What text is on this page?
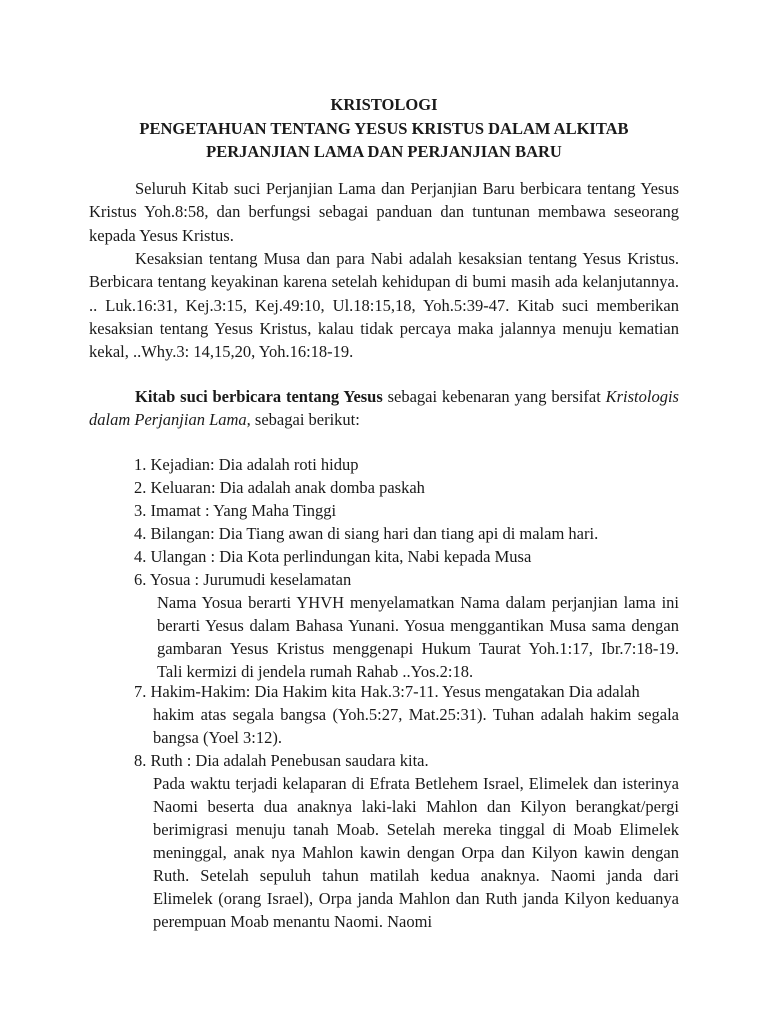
KRISTOLOGI
PENGETAHUAN TENTANG YESUS KRISTUS DALAM ALKITAB
PERJANJIAN LAMA DAN PERJANJIAN BARU

Seluruh Kitab suci Perjanjian Lama dan Perjanjian Baru berbicara tentang Yesus Kristus Yoh.8:58, dan berfungsi sebagai panduan dan tuntunan membawa seseorang kepada Yesus Kristus.

Kesaksian tentang Musa dan para Nabi adalah kesaksian tentang Yesus Kristus. Berbicara tentang keyakinan karena setelah kehidupan di bumi masih ada kelanjutannya. .. Luk.16:31, Kej.3:15, Kej.49:10, Ul.18:15,18, Yoh.5:39-47. Kitab suci memberikan kesaksian tentang Yesus Kristus, kalau tidak percaya maka jalannya menuju kematian kekal, ..Why.3: 14,15,20, Yoh.16:18-19.

Kitab suci berbicara tentang Yesus sebagai kebenaran yang bersifat Kristologis dalam Perjanjian Lama, sebagai berikut:

1. Kejadian: Dia adalah roti hidup
2. Keluaran: Dia adalah anak domba paskah
3. Imamat : Yang Maha Tinggi
4. Bilangan: Dia Tiang awan di siang hari dan tiang api di malam hari.
4. Ulangan : Dia Kota perlindungan kita, Nabi kepada Musa
6. Yosua : Jurumudi keselamatan

Nama Yosua berarti YHVH menyelamatkan Nama dalam perjanjian lama ini berarti Yesus dalam Bahasa Yunani. Yosua menggantikan Musa sama dengan gambaran Yesus Kristus menggenapi Hukum Taurat Yoh.1:17, Ibr.7:18-19. Tali kermizi di jendela rumah Rahab ..Yos.2:18.

7. Hakim-Hakim: Dia Hakim kita Hak.3:7-11. Yesus mengatakan Dia adalah

hakim atas segala bangsa (Yoh.5:27, Mat.25:31). Tuhan adalah hakim segala bangsa (Yoel 3:12).

8. Ruth : Dia adalah Penebusan saudara kita.

Pada waktu terjadi kelaparan di Efrata Betlehem Israel, Elimelek dan isterinya Naomi beserta dua anaknya laki-laki Mahlon dan Kilyon berangkat/pergi berimigrasi menuju tanah Moab. Setelah mereka tinggal di Moab Elimelek meninggal, anak nya Mahlon kawin dengan Orpa dan Kilyon kawin dengan Ruth. Setelah sepuluh tahun matilah kedua anaknya. Naomi janda dari Elimelek (orang Israel), Orpa janda Mahlon dan Ruth janda Kilyon keduanya perempuan Moab menantu Naomi. Naomi
